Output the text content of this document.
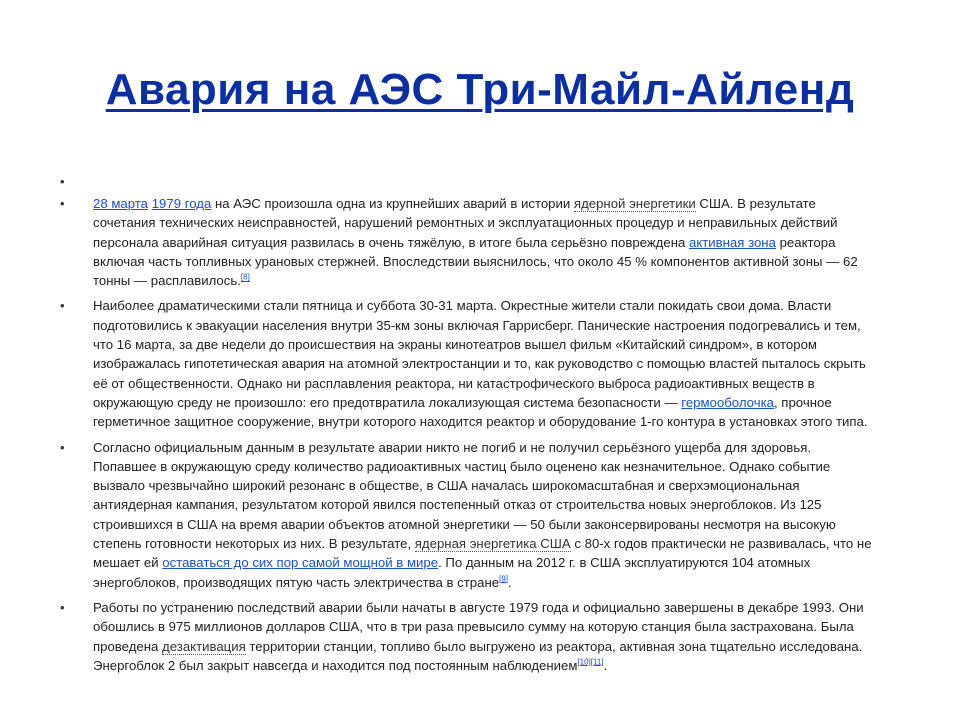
Авария на АЭС Три-Майл-Айленд
•
• 28 марта 1979 года на АЭС произошла одна из крупнейших аварий в истории ядерной энергетики США. В результате сочетания технических неисправностей, нарушений ремонтных и эксплуатационных процедур и неправильных действий персонала аварийная ситуация развилась в очень тяжёлую, в итоге была серьёзно повреждена активная зона реактора включая часть топливных урановых стержней. Впоследствии выяснилось, что около 45 % компонентов активной зоны — 62 тонны — расплавилось.[8]
• Наиболее драматическими стали пятница и суббота 30-31 марта. Окрестные жители стали покидать свои дома. Власти подготовились к эвакуации населения внутри 35-км зоны включая Гаррисберг. Панические настроения подогревались и тем, что 16 марта, за две недели до происшествия на экраны кинотеатров вышел фильм «Китайский синдром», в котором изображалась гипотетическая авария на атомной электростанции и то, как руководство с помощью властей пыталось скрыть её от общественности. Однако ни расплавления реактора, ни катастрофического выброса радиоактивных веществ в окружающую среду не произошло: его предотвратила локализующая система безопасности — гермооболочка, прочное герметичное защитное сооружение, внутри которого находится реактор и оборудование 1-го контура в установках этого типа.
• Согласно официальным данным в результате аварии никто не погиб и не получил серьёзного ущерба для здоровья. Попавшее в окружающую среду количество радиоактивных частиц было оценено как незначительное. Однако событие вызвало чрезвычайно широкий резонанс в обществе, в США началась широкомасштабная и сверхэмоциональная антиядерная кампания, результатом которой явился постепенный отказ от строительства новых энергоблоков. Из 125 строившихся в США на время аварии объектов атомной энергетики — 50 были законсервированы несмотря на высокую степень готовности некоторых из них. В результате, ядерная энергетика США с 80-х годов практически не развивалась, что не мешает ей оставаться до сих пор самой мощной в мире. По данным на 2012 г. в США эксплуатируются 104 атомных энергоблоков, производящих пятую часть электричества в стране[9].
• Работы по устранению последствий аварии были начаты в августе 1979 года и официально завершены в декабре 1993. Они обошлись в 975 миллионов долларов США, что в три раза превысило сумму на которую станция была застрахована. Была проведена дезактивация территории станции, топливо было выгружено из реактора, активная зона тщательно исследована. Энергоблок 2 был закрыт навсегда и находится под постоянным наблюдением[10][11].
